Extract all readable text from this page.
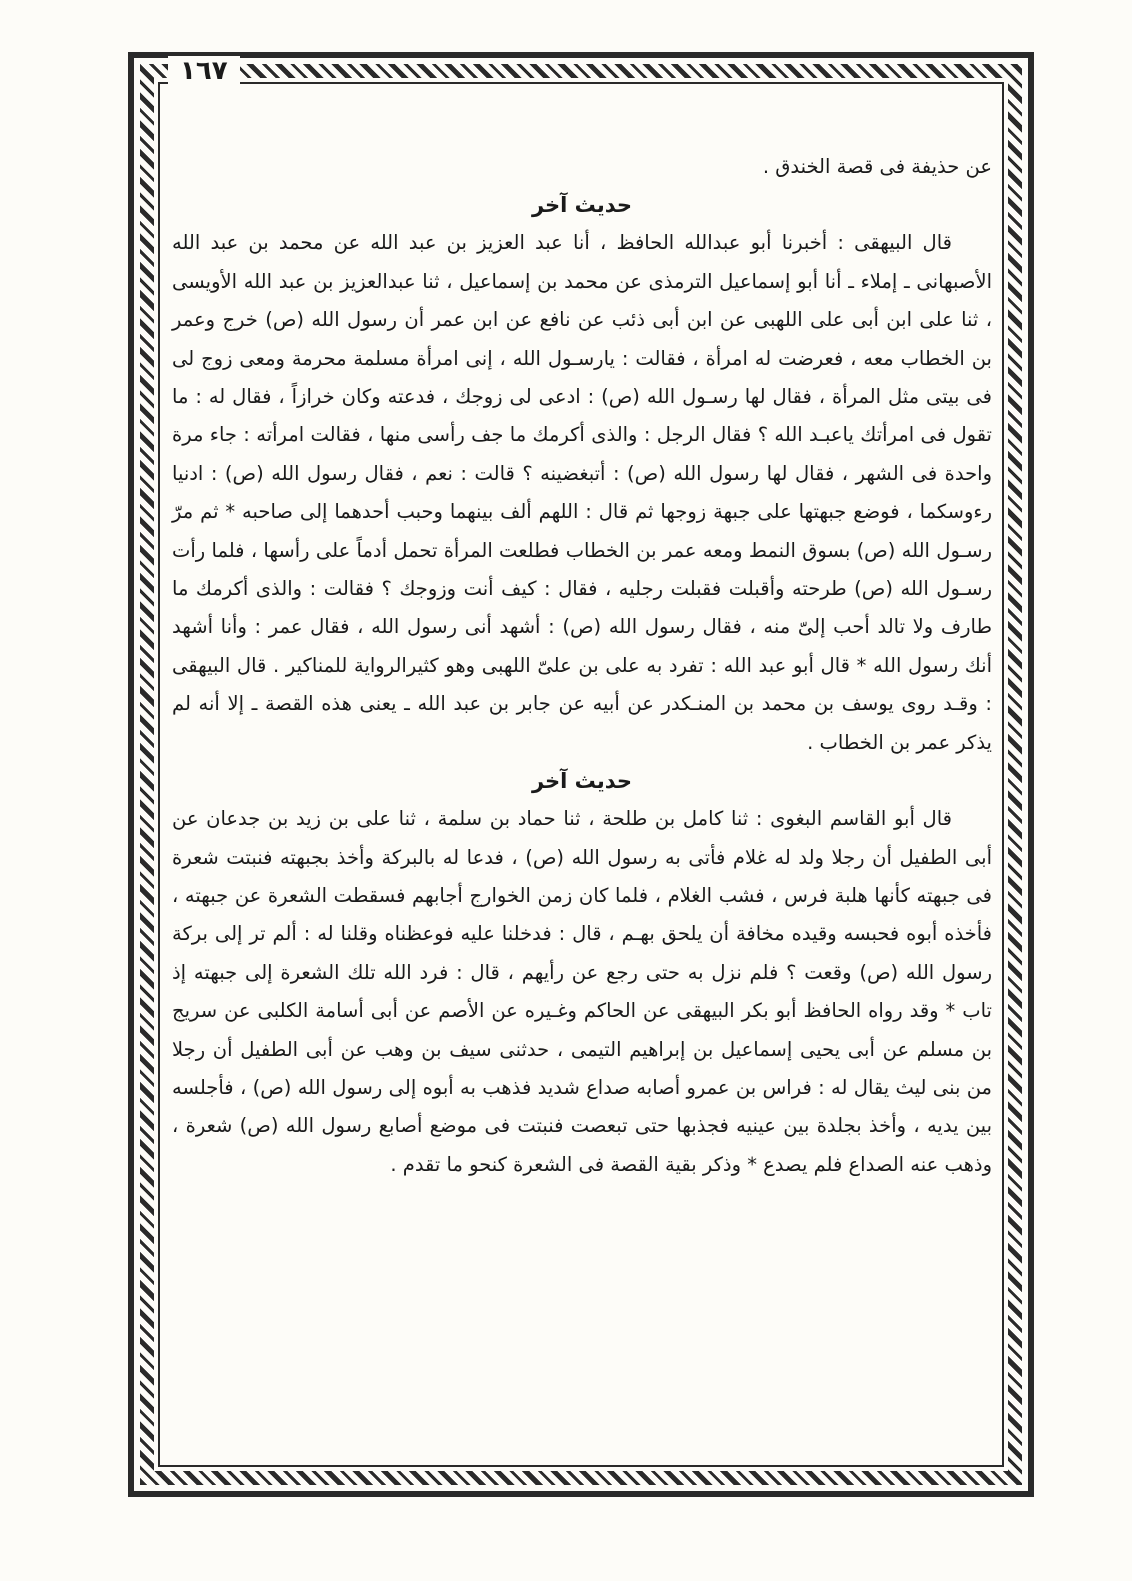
١٦٧

عن حذيفة فى قصة الخندق .

حديث آخر

قال البيهقى : أخبرنا أبو عبدالله الحافظ ، أنا عبد العزيز بن عبد الله عن محمد بن عبد الله الأصبهانى ـ إملاء ـ أنا أبو إسماعيل الترمذى عن محمد بن إسماعيل ، ثنا عبدالعزيز بن عبد الله الأويسى ، ثنا على ابن أبى على اللهبى عن ابن أبى ذئب عن نافع عن ابن عمر أن رسول الله (ص) خرج وعمر بن الخطاب معه ، فعرضت له امرأة ، فقالت : يارسـول الله ، إنى امرأة مسلمة محرمة ومعى زوج لى فى بيتى مثل المرأة ، فقال لها رسـول الله (ص) : ادعى لى زوجك ، فدعته وكان خرازاً ، فقال له : ما تقول فى امرأتك ياعبـد الله ؟ فقال الرجل : والذى أكرمك ما جف رأسى منها ، فقالت امرأته : جاء مرة واحدة فى الشهر ، فقال لها رسول الله (ص) : أتبغضينه ؟ قالت : نعم ، فقال رسول الله (ص) : ادنيا رءوسكما ، فوضع جبهتها على جبهة زوجها ثم قال : اللهم ألف بينهما وحبب أحدهما إلى صاحبه * ثم مرّ رسـول الله (ص) بسوق النمط ومعه عمر بن الخطاب فطلعت المرأة تحمل أدماً على رأسها ، فلما رأت رسـول الله (ص) طرحته وأقبلت فقبلت رجليه ، فقال : كيف أنت وزوجك ؟ فقالت : والذى أكرمك ما طارف ولا تالد أحب إلىّ منه ، فقال رسول الله (ص) : أشهد أنى رسول الله ، فقال عمر : وأنا أشهد أنك رسول الله * قال أبو عبد الله : تفرد به على بن علىّ اللهبى وهو كثيرالرواية للمناكير . قال البيهقى : وقـد روى يوسف بن محمد بن المنـكدر عن أبيه عن جابر بن عبد الله ـ يعنى هذه القصة ـ إلا أنه لم يذكر عمر بن الخطاب .

حديث آخر

قال أبو القاسم البغوى : ثنا كامل بن طلحة ، ثنا حماد بن سلمة ، ثنا على بن زيد بن جدعان عن أبى الطفيل أن رجلا ولد له غلام فأتى به رسول الله (ص) ، فدعا له بالبركة وأخذ بجبهته فنبتت شعرة فى جبهته كأنها هلبة فرس ، فشب الغلام ، فلما كان زمن الخوارج أجابهم فسقطت الشعرة عن جبهته ، فأخذه أبوه فحبسه وقيده مخافة أن يلحق بهـم ، قال : فدخلنا عليه فوعظناه وقلنا له : ألم تر إلى بركة رسول الله (ص) وقعت ؟ فلم نزل به حتى رجع عن رأيهم ، قال : فرد الله تلك الشعرة إلى جبهته إذ تاب * وقد رواه الحافظ أبو بكر البيهقى عن الحاكم وغـيره عن الأصم عن أبى أسامة الكلبى عن سريج بن مسلم عن أبى يحيى إسماعيل بن إبراهيم التيمى ، حدثنى سيف بن وهب عن أبى الطفيل أن رجلا من بنى ليث يقال له : فراس بن عمرو أصابه صداع شديد فذهب به أبوه إلى رسول الله (ص) ، فأجلسه بين يديه ، وأخذ بجلدة بين عينيه فجذبها حتى تبعصت فنبتت فى موضع أصابع رسول الله (ص) شعرة ، وذهب عنه الصداع فلم يصدع * وذكر بقية القصة فى الشعرة كنحو ما تقدم .
